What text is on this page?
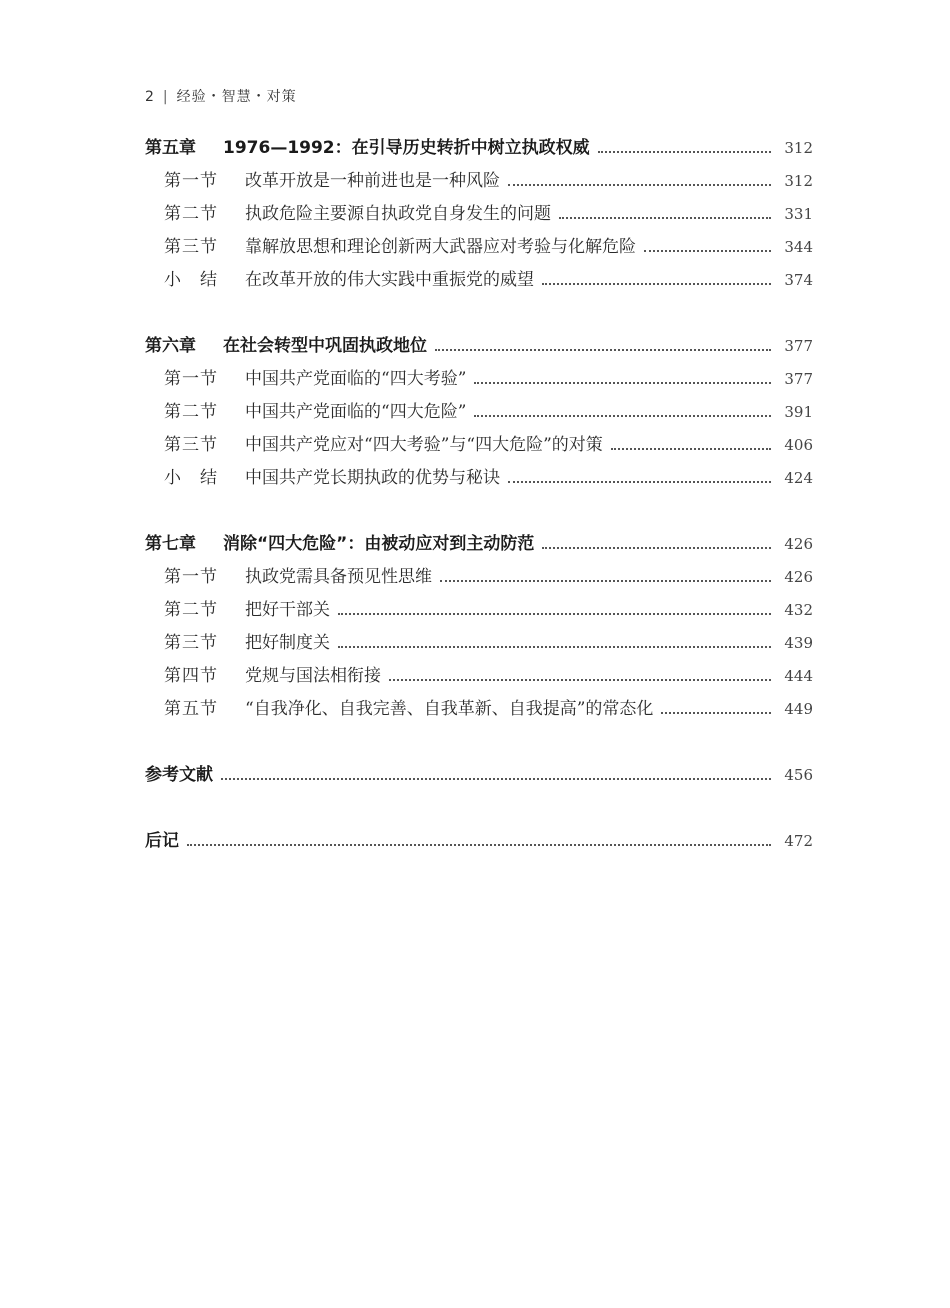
2 | 经验・智慧・对策
第五章	1976—1992：在引导历史转折中树立执政权威	312
第一节	改革开放是一种前进也是一种风险	312
第二节	执政危险主要源自执政党自身发生的问题	331
第三节	靠解放思想和理论创新两大武器应对考验与化解危险	344
小　结	在改革开放的伟大实践中重振党的威望	374
第六章	在社会转型中巩固执政地位	377
第一节	中国共产党面临的“四大考验”	377
第二节	中国共产党面临的“四大危险”	391
第三节	中国共产党应对“四大考验”与“四大危险”的对策	406
小　结	中国共产党长期执政的优势与秘诀	424
第七章	消除“四大危险”：由被动应对到主动防范	426
第一节	执政党需具备预见性思维	426
第二节	把好干部关	432
第三节	把好制度关	439
第四节	党规与国法相衔接	444
第五节	“自我净化、自我完善、自我革新、自我提高”的常态化	449
参考文献	456
后记	472
